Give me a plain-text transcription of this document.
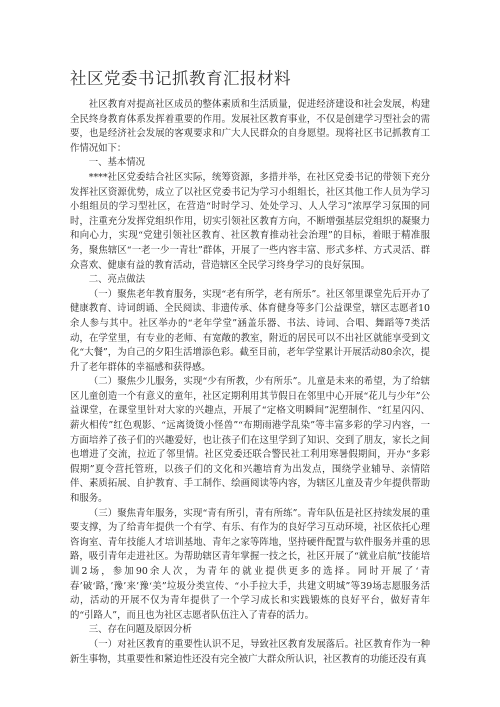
社区党委书记抓教育汇报材料

社区教育对提高社区成员的整体素质和生活质量，促进经济建设和社会发展，构建全民终身教育体系发挥着重要的作用。发展社区教育事业，不仅是创建学习型社会的需要，也是经济社会发展的客观要求和广大人民群众的自身愿望。现将社区书记抓教育工作情况如下：

一、基本情况

****社区党委结合社区实际，统筹资源，多措并举，在社区党委书记的带领下充分发挥社区资源优势，成立了以社区党委书记为学习小组组长，社区其他工作人员为学习小组组员的学习型社区，在营造“时时学习、处处学习、人人学习”浓厚学习氛围的同时，注重充分发挥党组织作用，切实引领社区教育方向，不断增强基层党组织的凝聚力和向心力，实现“党建引领社区教育、社区教育推动社会治理”的目标，着眼于精准服务，聚焦辖区“一老一少一青壮”群体，开展了一些内容丰富、形式多样、方式灵活、群众喜欢、健康有益的教育活动，营造辖区全民学习终身学习的良好氛围。

二、亮点做法

（一）聚焦老年教育服务，实现“老有所学，老有所乐”。社区邻里课堂先后开办了健康教育、诗词朗诵、全民阅读、非遗传承、体育健身等多门公益课堂，辖区志愿者10余人参与其中。社区举办的“老年学堂”涵盖乐器、书法、诗词、合唱、舞蹈等7类活动，在学堂里，有专业的老师、有宽敞的教室，附近的居民可以不出社区就能享受到文化“大餐”，为自己的夕阳生活增添色彩。截至目前，老年学堂累计开展活动80余次，提升了老年群体的幸福感和获得感。

（二）聚焦少儿服务，实现“少有所教，少有所乐”。儿童是未来的希望，为了给辖区儿童创造一个有意义的童年，社区定期利用其节假日在邻里中心开展“花儿与少年”公益课堂，在课堂里针对大家的兴趣点，开展了“定格文明瞬间”泥塑制作、“红星闪闪、薪火相传”红色观影、“远离烫烫小怪兽”“布期雨港学乱染”等丰富多彩的学习内容，一方面培养了孩子们的兴趣爱好，也让孩子们在这里学到了知识、交到了朋友，家长之间也增进了交流，拉近了邻里情。社区党委还联合警民社工利用寒暑假期间，开办“多彩假期”夏令营托管班，以孩子们的文化和兴趣培育为出发点，围绕学业辅导、亲情陪伴、素质拓展、自护教育、手工制作、绘画阅读等内容，为辖区儿童及青少年提供帮助和服务。

（三）聚焦青年服务，实现“青有所引，青有所练”。青年队伍是社区持续发展的重要支撑，为了给青年提供一个有学、有乐、有作为的良好学习互动环境，社区依托心理咨询室、青年技能人才培训基地、青年之家等阵地，坚持硬件配置与软件服务并重的思路，吸引青年走进社区。为帮助辖区青年掌握一技之长，社区开展了“就业启航”技能培训2场，参加90余人次，为青年的就业提供更多的选择。同时开展了‘青春’破‘路，’豫’来’豫‘美”垃圾分类宣传、“小手拉大手，共建文明城”等39场志愿服务活动，活动的开展不仅为青年提供了一个学习成长和实践锻炼的良好平台，做好青年的“引路人”，而且也为社区志愿者队伍注入了青春的活力。

三、存在问题及原因分析

（一）对社区教育的重要性认识不足，导致社区教育发展落后。社区教育作为一种新生事物，其重要性和紧迫性还没有完全被广大群众所认识，社区教育的功能还没有真
